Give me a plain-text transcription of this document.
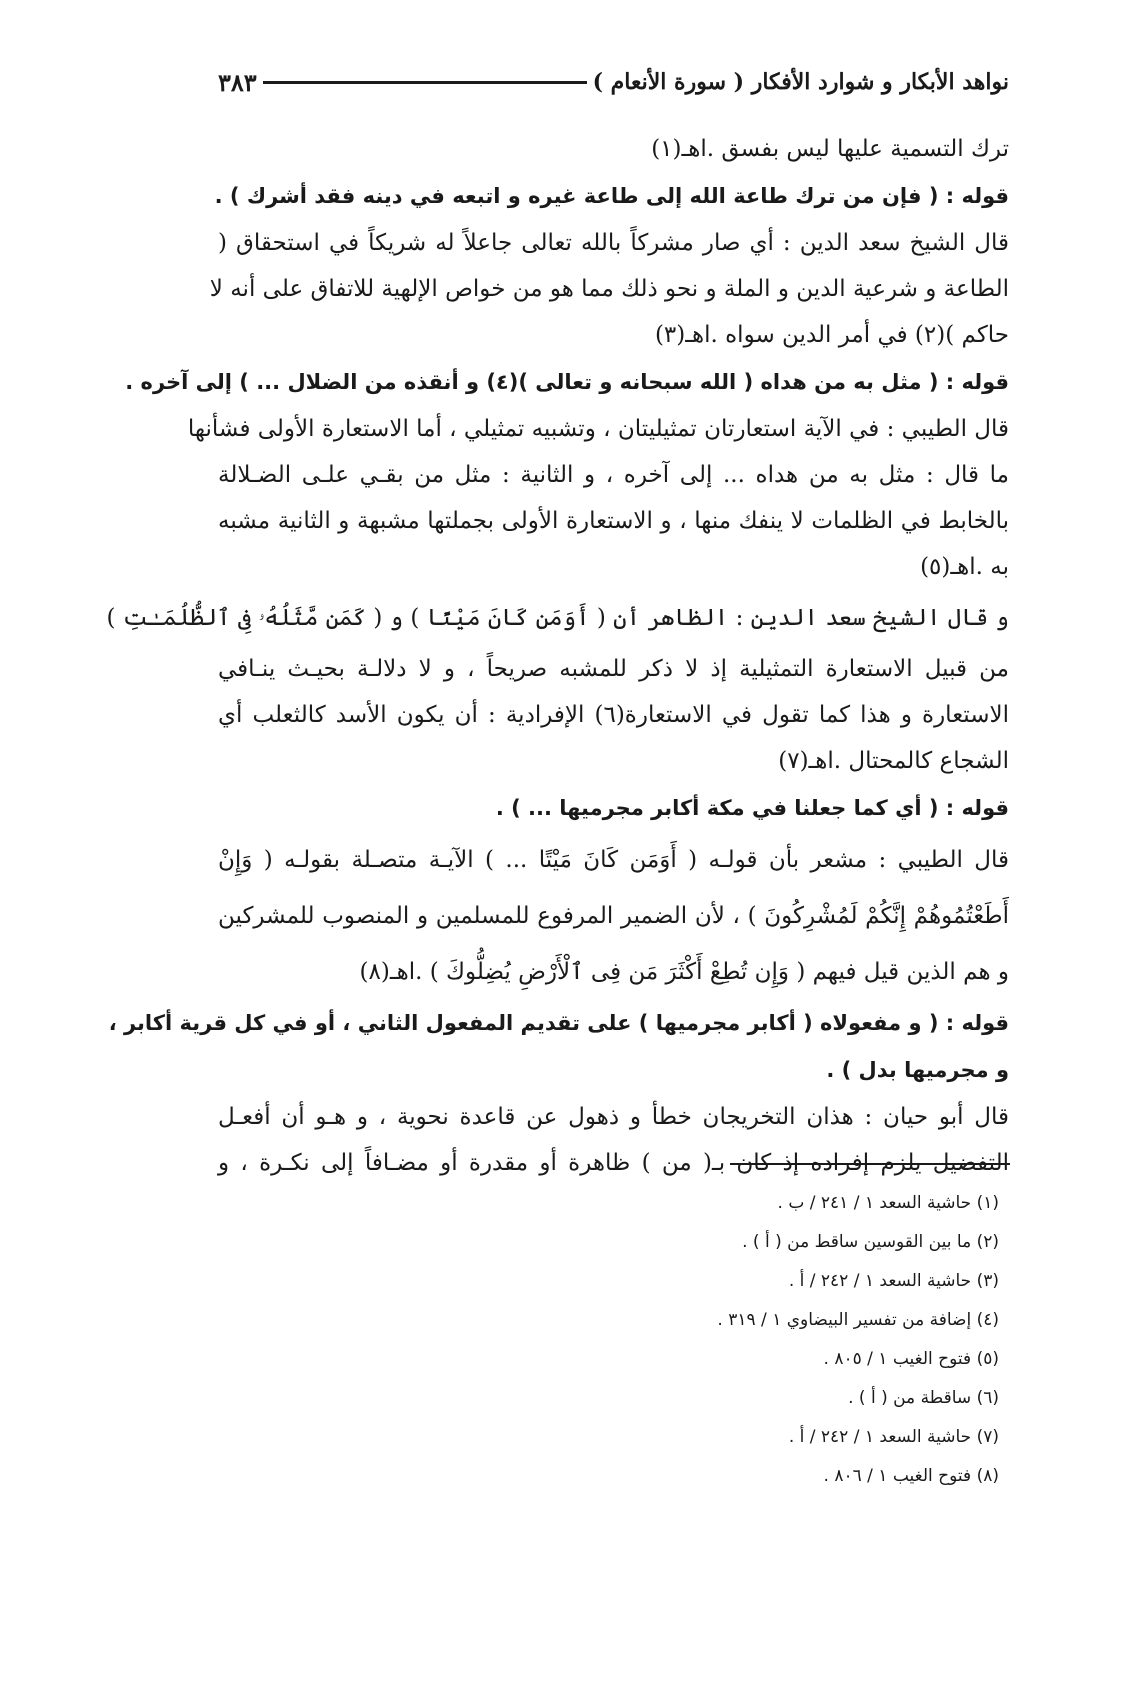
نواهد الأبكار و شوارد الأفكار ( سورة الأنعام )
٣٨٣
ترك التسمية عليها ليس بفسق .اهـ(١)
قوله : ( فإن من ترك طاعة الله إلى طاعة غيره و اتبعه في دينه فقد أشرك ) .
قال الشيخ سعد الدين : أي صار مشركاً بالله تعالى جاعلاً له شريكاً في استحقاق (
الطاعة و شرعية الدين و الملة و نحو ذلك مما هو من خواص الإلهية للاتفاق على أنه لا
حاكم )(٢) في أمر الدين سواه .اهـ(٣)
قوله : ( مثل به من هداه ( الله سبحانه و تعالى )(٤) و أنقذه من الضلال ... ) إلى آخره .
قال الطيبي : في الآية استعارتان تمثيليتان ، وتشبيه تمثيلي ، أما الاستعارة الأولى فشأنها
ما قال : مثل به من هداه ... إلى آخره ، و الثانية : مثل من بقـي علـى الضـلالة
بالخابط في الظلمات لا ينفك منها ، و الاستعارة الأولى بجملتها مشبهة و الثانية مشبه
به .اهـ(٥)
و قال الشيخ سعد الدين : الظاهر أن ( أَوَمَن كَانَ مَيْتًا ) و ( كَمَن مَّثَلُهُۥ فِى ٱلظُّلُمَـٰتِ )
من قبيل الاستعارة التمثيلية إذ لا ذكر للمشبه صريحاً ، و لا دلالـة بحيـث ينـافي
الاستعارة و هذا كما تقول في الاستعارة(٦) الإفرادية : أن يكون الأسد كالثعلب أي
الشجاع كالمحتال .اهـ(٧)
قوله : ( أي كما جعلنا في مكة أكابر مجرميها ... ) .
قال الطيبي : مشعر بأن قولـه ( أَوَمَن كَانَ مَيْتًا ... ) الآيـة متصـلة بقولـه ( وَإِنْ
أَطَعْتُمُوهُمْ إِنَّكُمْ لَمُشْرِكُونَ ) ، لأن الضمير المرفوع للمسلمين و المنصوب للمشركين
و هم الذين قيل فيهم ( وَإِن تُطِعْ أَكْثَرَ مَن فِى ٱلْأَرْضِ يُضِلُّوكَ ) .اهـ(٨)
قوله : ( و مفعولاه ( أكابر مجرميها ) على تقديم المفعول الثاني ، أو في كل قرية أكابر ،
و مجرميها بدل ) .
قال أبو حيان : هذان التخريجان خطأ و ذهول عن قاعدة نحوية ، و هـو أن أفعـل
التفضيل يلزم إفراده إذ كان بـ( من ) ظاهرة أو مقدرة أو مضـافاً إلى نكـرة ، و
(١) حاشية السعد ١ / ٢٤١ / ب .
(٢) ما بين القوسين ساقط من ( أ ) .
(٣) حاشية السعد ١ / ٢٤٢ / أ .
(٤) إضافة من تفسير البيضاوي ١ / ٣١٩ .
(٥) فتوح الغيب ١ / ٨٠٥ .
(٦) ساقطة من ( أ ) .
(٧) حاشية السعد ١ / ٢٤٢ / أ .
(٨) فتوح الغيب ١ / ٨٠٦ .
